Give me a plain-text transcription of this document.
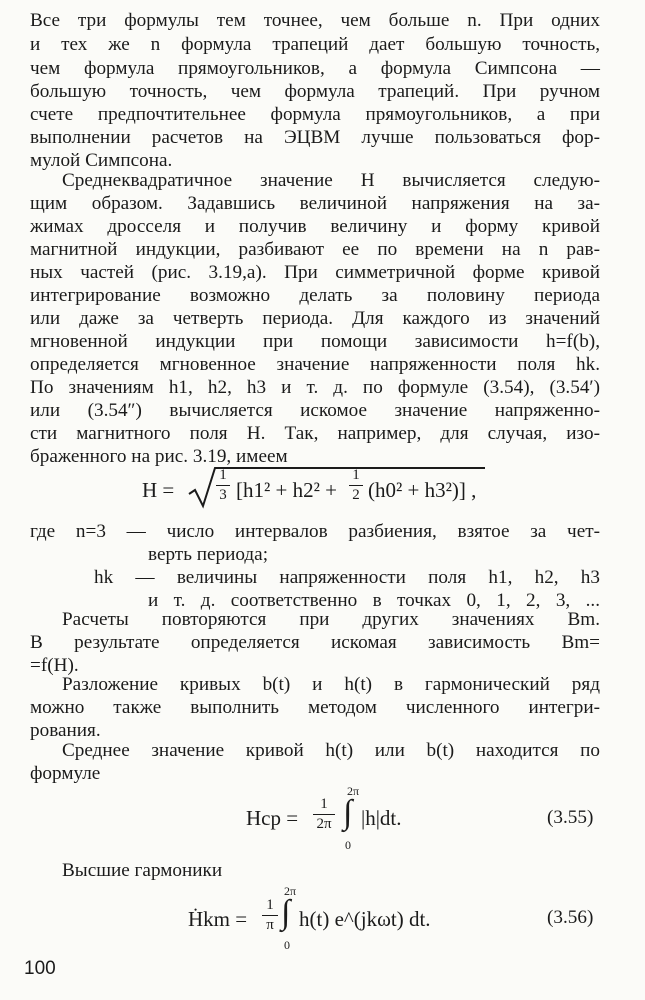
Все три формулы тем точнее, чем больше n. При одних
и тех же n формула трапеций дает большую точность,
чем формула прямоугольников, а формула Симпсона —
большую точность, чем формула трапеций. При ручном
счете предпочтительнее формула прямоугольников, а при
выполнении расчетов на ЭЦВМ лучше пользоваться фор-
мулой Симпсона.
Среднеквадратичное значение H вычисляется следую-
щим образом. Задавшись величиной напряжения на за-
жимах дросселя и получив величину и форму кривой
магнитной индукции, разбивают ее по времени на n рав-
ных частей (рис. 3.19,a). При симметричной форме кривой
интегрирование возможно делать за половину периода
или даже за четверть периода. Для каждого из значений
мгновенной индукции при помощи зависимости h=f(b),
определяется мгновенное значение напряженности поля hk.
По значениям h1, h2, h3 и т. д. по формуле (3.54), (3.54′)
или (3.54″) вычисляется искомое значение напряженно-
сти магнитного поля H. Так, например, для случая, изо-
браженного на рис. 3.19, имеем
H =
1
3 [h1² + h2² +
1
2 (h0² + h3²)] ,
где n=3 — число интервалов разбиения, взятое за чет-
верть периода;
hk — величины напряженности поля h1, h2, h3
и т. д. соответственно в точках 0, 1, 2, 3, ...
Расчеты повторяются при других значениях Bm.
В результате определяется искомая зависимость Bm=
=f(H).
Разложение кривых b(t) и h(t) в гармонический ряд
можно также выполнить методом численного интегри-
рования.
Среднее значение кривой h(t) или b(t) находится по
формуле
Hср =
1
2π
2π
∫
0
|h|dt.	(3.55)
Высшие гармоники
Ḣkm =
1
π
2π
∫
0
h(t) e^(jkωt) dt.	(3.56)
100
